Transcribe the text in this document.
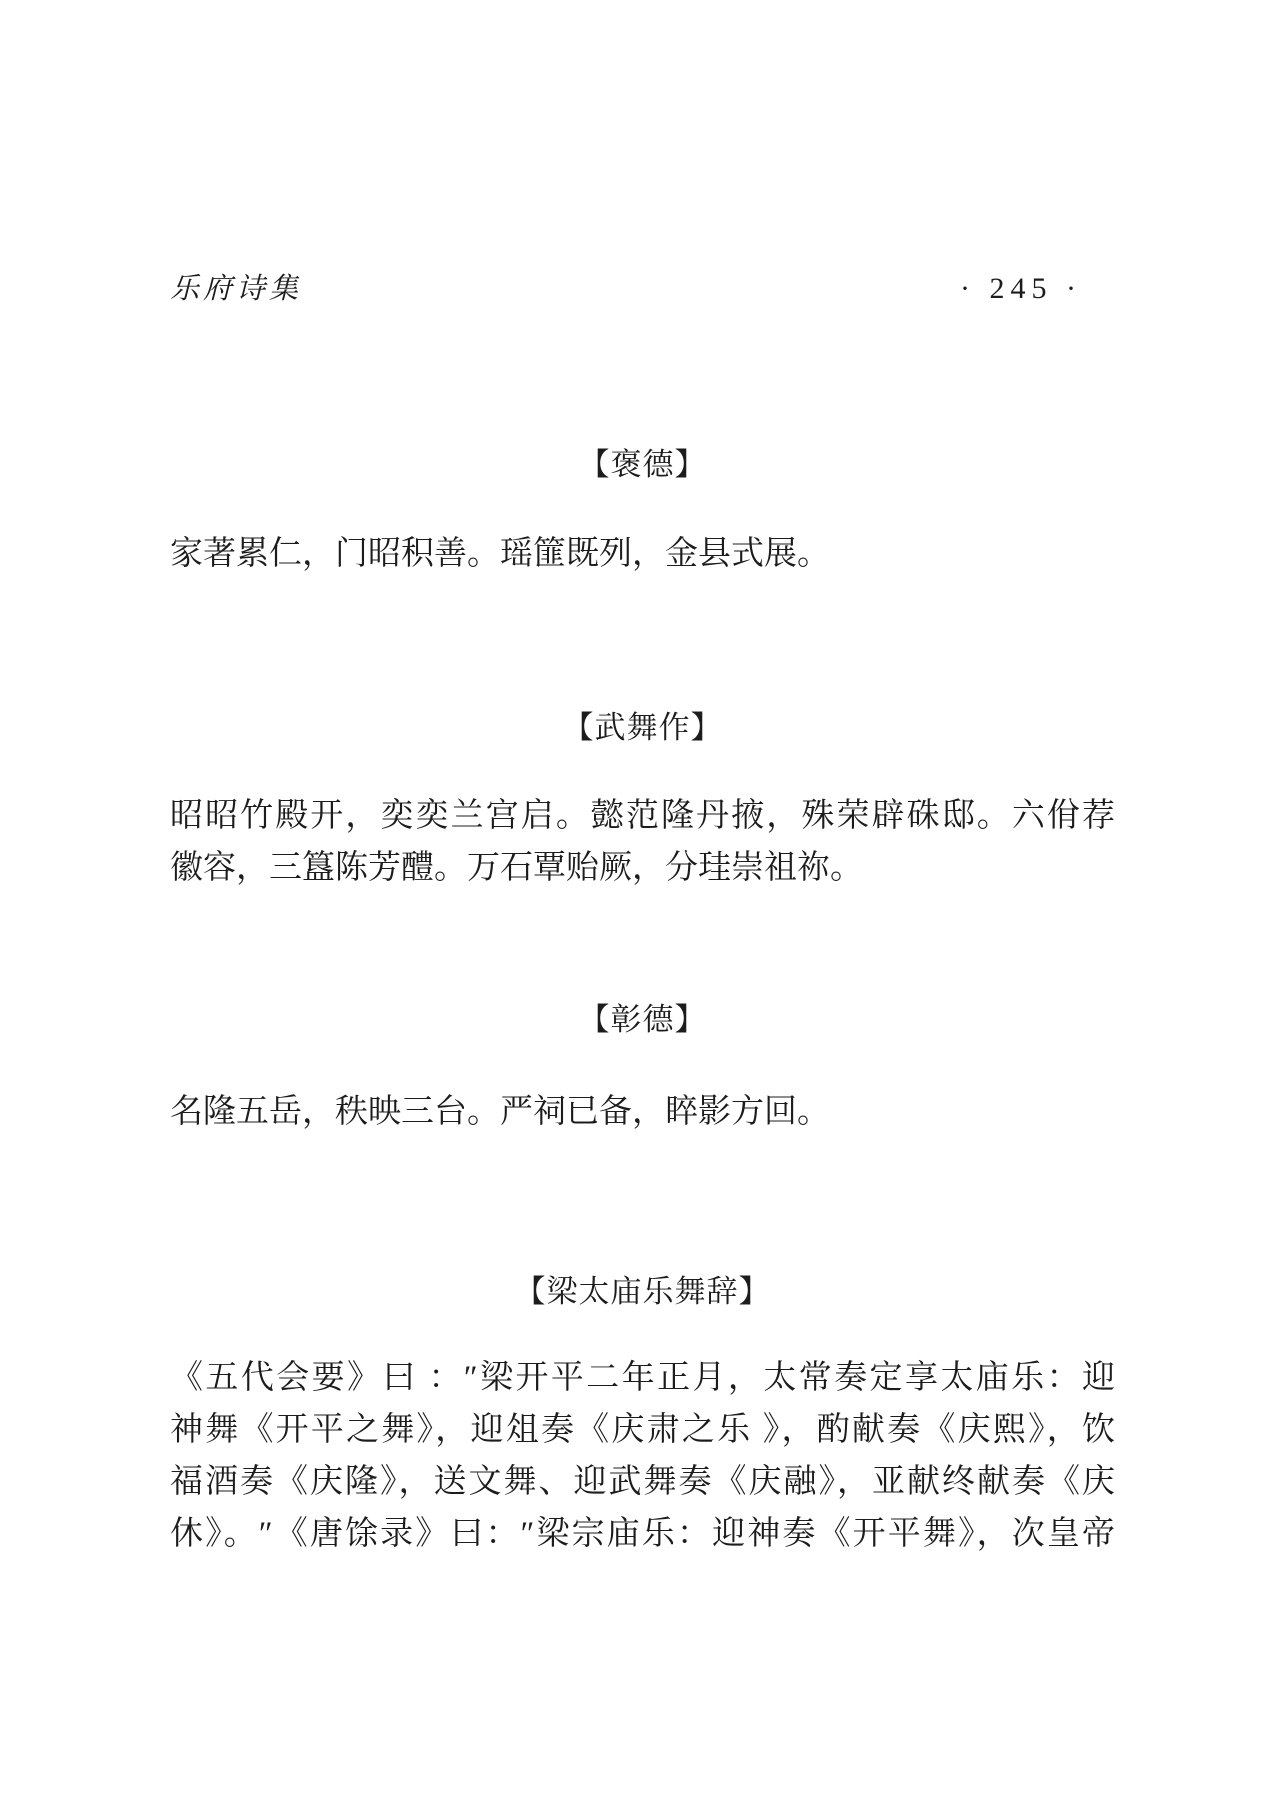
乐府诗集	· 245 ·
【褒德】
家著累仁，门昭积善。瑶篚既列，金县式展。
【武舞作】
昭昭竹殿开，奕奕兰宫启。懿范隆丹掖，殊荣辟硃邸。六佾荐
徽容，三簋陈芳醴。万石覃贻厥，分珪崇祖祢。
【彰德】
名隆五岳，秩映三台。严祠已备，睟影方回。
【梁太庙乐舞辞】
《五代会要》曰 ：″梁开平二年正月，太常奏定享太庙乐：迎
神舞《开平之舞》，迎俎奏《庆肃之乐 》，酌献奏《庆熙》，饮
福酒奏《庆隆》，送文舞、迎武舞奏《庆融》，亚献终献奏《庆
休》。″《唐馀录》曰：″梁宗庙乐：迎神奏《开平舞》，次皇帝
